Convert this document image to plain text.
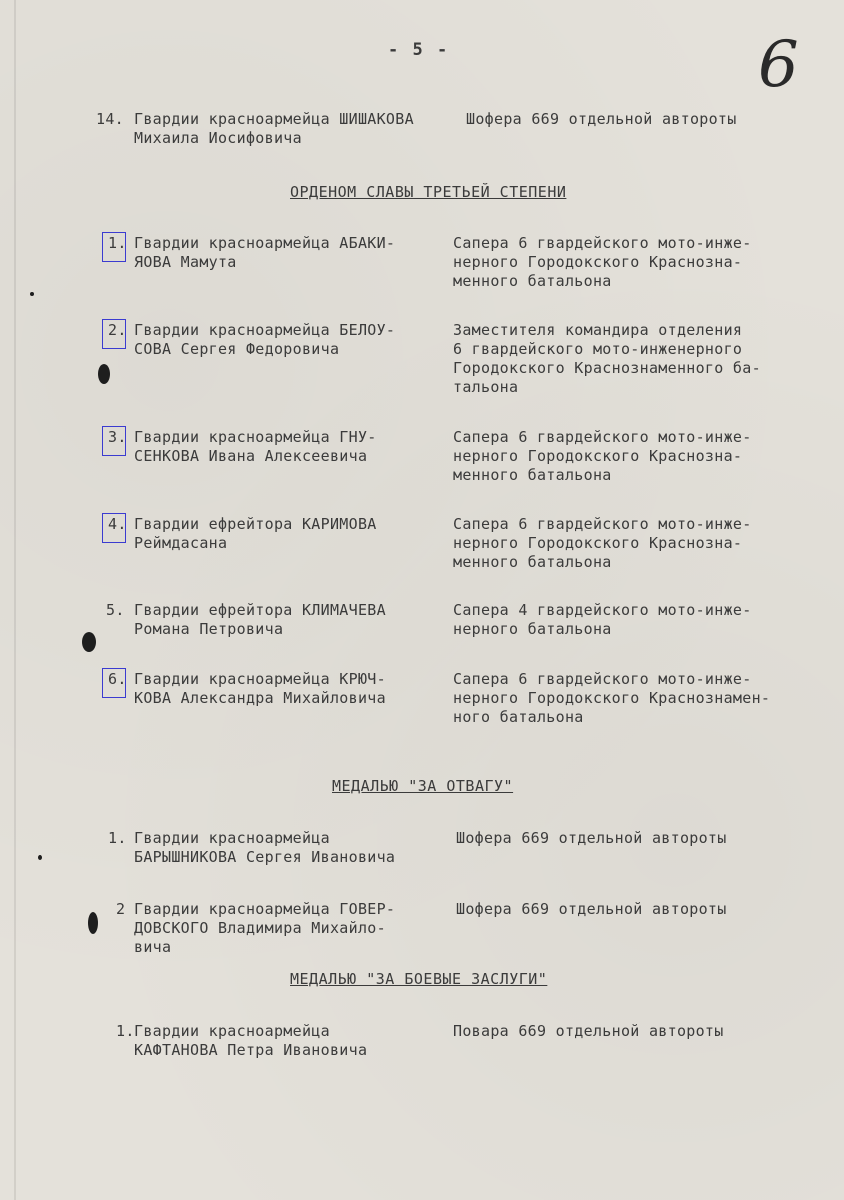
- 5 -	6
14. Гвардии красноармейца ШИШАКОВА
Михаила Иосифовича
Шофера 669 отдельной автороты
ОРДЕНОМ СЛАВЫ ТРЕТЬЕЙ СТЕПЕНИ
1. Гвардии красноармейца АБАКИ-
ЯОВА Мамута
Сапера 6 гвардейского мото-инже-
нерного Городокского Краснозна-
менного батальона
2. Гвардии красноармейца БЕЛОУ-
СОВА Сергея Федоровича
Заместителя командира отделения
6 гвардейского мото-инженерного
Городокского Краснознаменного ба-
тальона
3. Гвардии красноармейца ГНУ-
СЕНКОВА Ивана Алексеевича
Сапера 6 гвардейского мото-инже-
нерного Городокского Краснозна-
менного батальона
4. Гвардии ефрейтора КАРИМОВА
Реймдасана
Сапера 6 гвардейского мото-инже-
нерного Городокского Краснозна-
менного батальона
5. Гвардии ефрейтора КЛИМАЧЕВА
Романа Петровича
Сапера 4 гвардейского мото-инже-
нерного батальона
6. Гвардии красноармейца КРЮЧ-
КОВА Александра Михайловича
Сапера 6 гвардейского мото-инже-
нерного Городокского Краснознамен-
ного батальона
МЕДАЛЬЮ "ЗА ОТВАГУ"
1. Гвардии красноармейца
БАРЫШНИКОВА Сергея Ивановича
Шофера 669 отдельной автороты
2 Гвардии красноармейца ГОВЕР-
ДОВСКОГО Владимира Михайло-
вича
Шофера 669 отдельной автороты
МЕДАЛЬЮ "ЗА БОЕВЫЕ ЗАСЛУГИ"
1. Гвардии красноармейца
КАФТАНОВА Петра Ивановича
Повара 669 отдельной автороты
